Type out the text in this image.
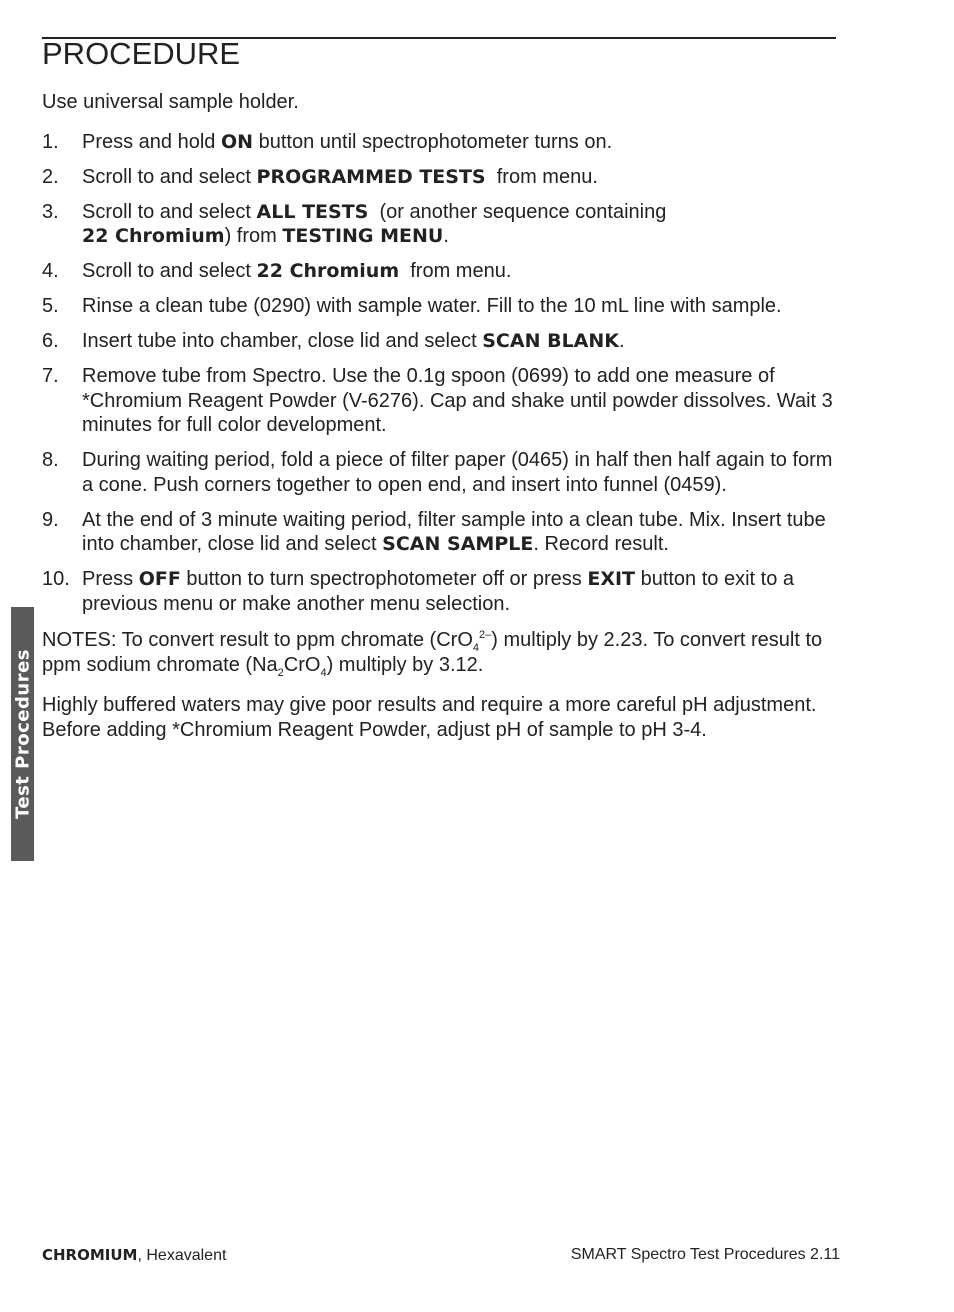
PROCEDURE

Use universal sample holder.

1.	Press and hold ON button until spectrophotometer turns on.
2.	Scroll to and select PROGRAMMED TESTS  from menu.
3.	Scroll to and select ALL TESTS  (or another sequence containing
22 Chromium) from TESTING MENU.
4.	Scroll to and select 22 Chromium  from menu.
5.	Rinse a clean tube (0290) with sample water. Fill to the 10 mL line with sample.
6.	Insert tube into chamber, close lid and select SCAN BLANK.
7.	Remove tube from Spectro. Use the 0.1g spoon (0699) to add one measure of *Chromium Reagent Powder (V-6276). Cap and shake until powder dissolves. Wait 3 minutes for full color development.
8.	During waiting period, fold a piece of filter paper (0465) in half then half again to form a cone. Push corners together to open end, and insert into funnel (0459).
9.	At the end of 3 minute waiting period, filter sample into a clean tube. Mix. Insert tube into chamber, close lid and select SCAN SAMPLE. Record result.
10. Press OFF button to turn spectrophotometer off or press EXIT button to exit to a previous menu or make another menu selection.

NOTES: To convert result to ppm chromate (CrO$_4^{2-}$) multiply by 2.23. To convert result to ppm sodium chromate $(Na_2CrO_4)$ multiply by 3.12.

Highly buffered waters may give poor results and require a more careful pH adjustment. Before adding *Chromium Reagent Powder, adjust pH of sample to pH 3-4.

Test Procedures
CHROMIUM, Hexavalent	SMART Spectro Test Procedures 2.11
